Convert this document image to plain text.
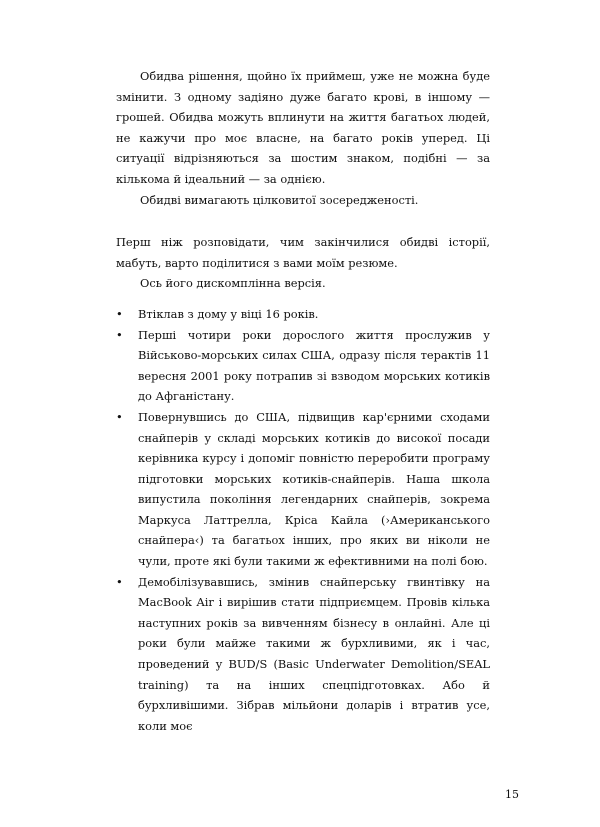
Обидва рішення, щойно їх приймеш, уже не можна буде змінити. З одному задіяно дуже багато крові, в іншому — грошей. Обидва можуть вплинути на життя багатьох людей, не кажучи про моє власне, на багато років уперед. Ці ситуації відрізняються за шостим знаком, подібні — за кількома й ідеальний — за однією.

Обидві вимагають цілковитої зосередженості.

Перш ніж розповідати, чим закінчилися обидві історії, мабуть, варто поділитися з вами моїм резюме.

Ось його дискомплінна версія.

• Втіклав з дому у віці 16 років.
• Перші чотири роки дорослого життя прослужив у Військово-морських силах США, одразу після терактів 11 вересня 2001 року потрапив зі взводом морських котиків до Афганістану.
• Повернувшись до США, підвищив кар'єрними сходами снайперів у складі морських котиків до високої посади керівника курсу і допоміг повністю переробити програму підготовки морських котиків-снайперів. Наша школа випустила покоління легендарних снайперів, зокрема Маркуса Латтрелла, Кріса Кайла (›Американського снайпера‹) та багатьох інших, про яких ви ніколи не чули, проте які були такими ж ефективними на полі бою.
• Демобілізувавшись, змінив снайперську гвинтівку на MacBook Air і вирішив стати підприємцем. Провів кілька наступних років за вивченням бізнесу в онлайні. Але ці роки були майже такими ж бурхливими, як і час, проведений у BUD/S (Basic Underwater Demolition/SEAL training) та на інших спецпідготовках. Або й бурхливішими. Зібрав мільйони доларів і втратив усе, коли моє
15
